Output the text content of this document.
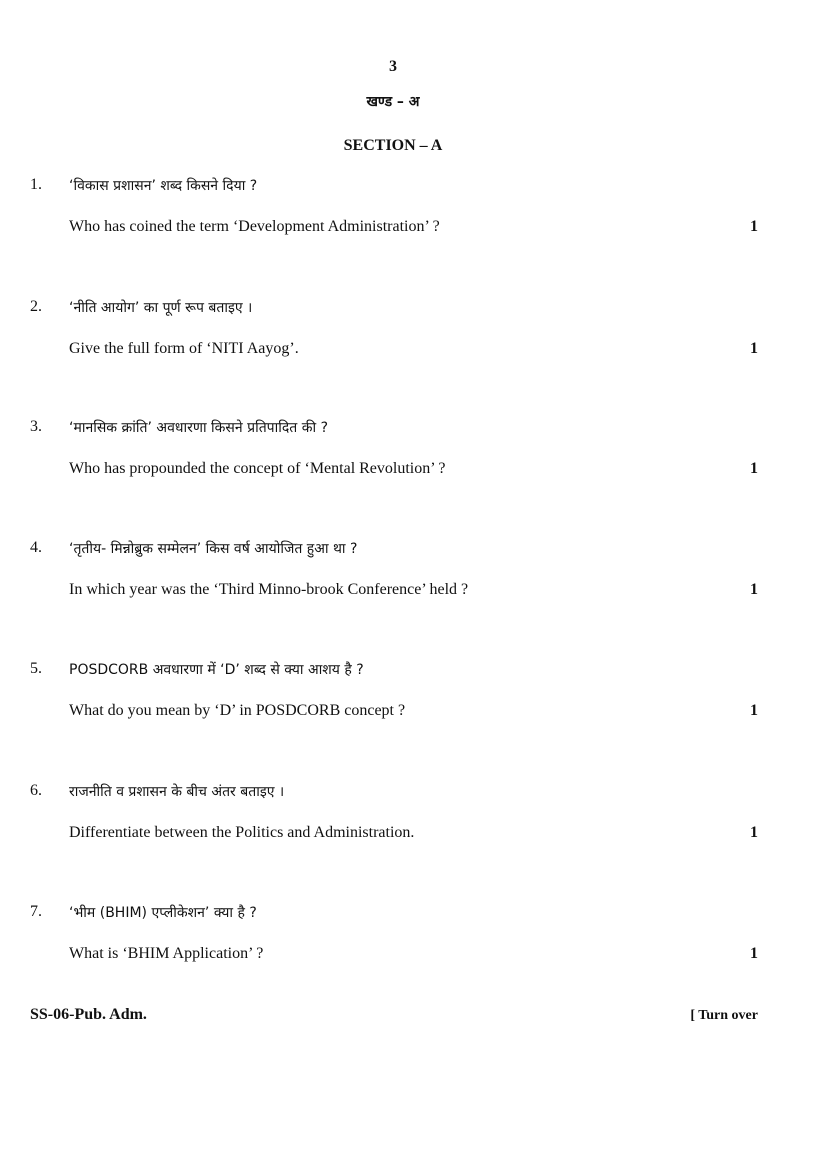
3
खण्ड – अ
SECTION – A
1. ‘विकास प्रशासन’ शब्द किसने दिया ?
Who has coined the term ‘Development Administration’ ?	1
2. ‘नीति आयोग’ का पूर्ण रूप बताइए ।
Give the full form of ‘NITI Aayog’.	1
3. ‘मानसिक क्रांति’ अवधारणा किसने प्रतिपादित की ?
Who has propounded the concept of ‘Mental Revolution’ ?	1
4. ‘तृतीय- मिन्नोब्रुक सम्मेलन’ किस वर्ष आयोजित हुआ था ?
In which year was the ‘Third Minno-brook Conference’ held ?	1
5. POSDCORB अवधारणा में ‘D’ शब्द से क्या आशय है ?
What do you mean by ‘D’ in POSDCORB concept ?	1
6. राजनीति व प्रशासन के बीच अंतर बताइए ।
Differentiate between the Politics and Administration.	1
7. ‘भीम (BHIM) एप्लीकेशन’ क्या है ?
What is ‘BHIM Application’ ?	1
SS-06-Pub. Adm.	[ Turn over
